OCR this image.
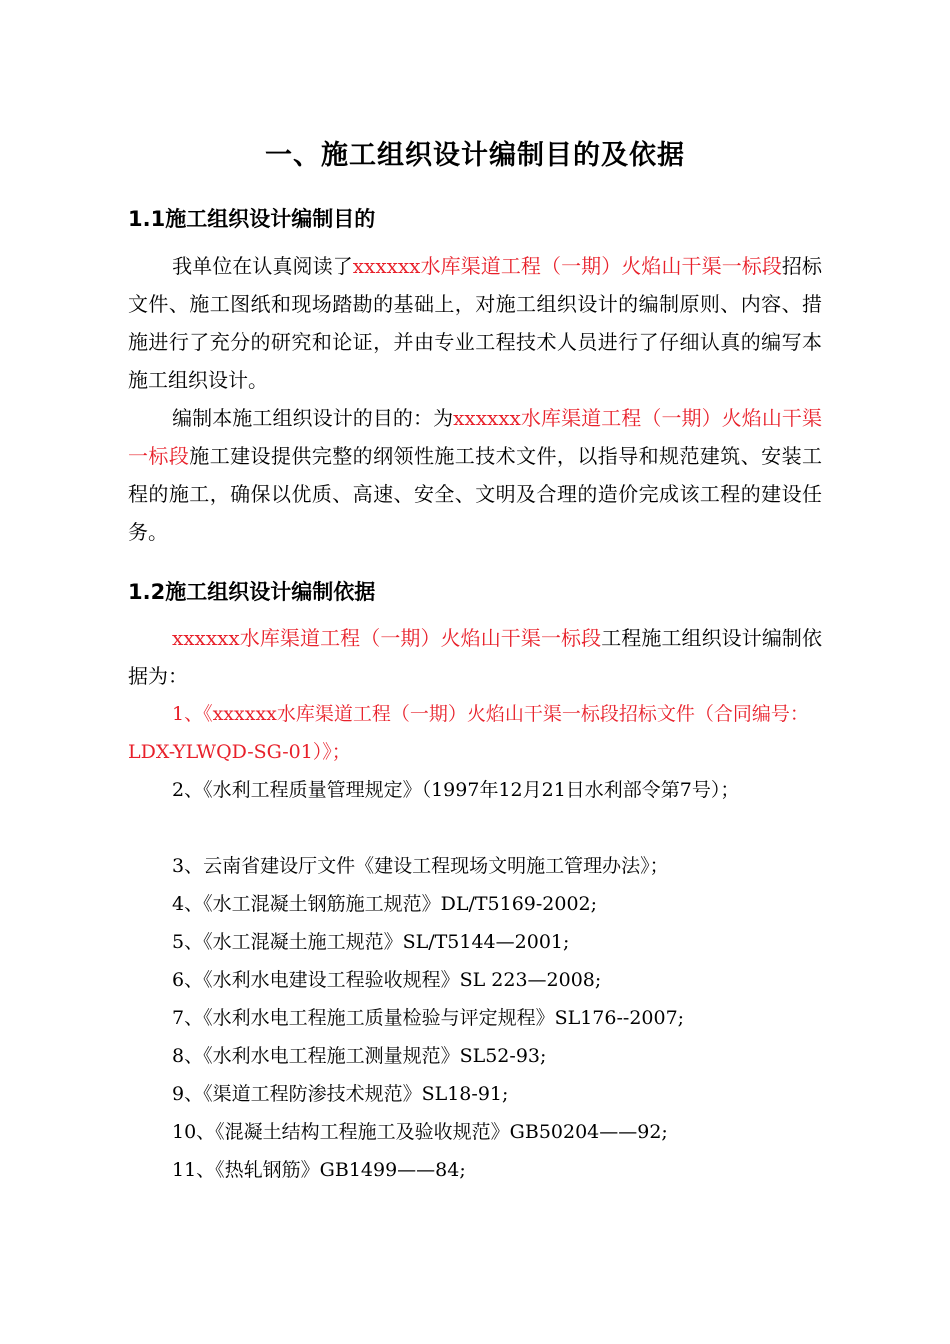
一、施工组织设计编制目的及依据
1.1施工组织设计编制目的
我单位在认真阅读了xxxxxx水库渠道工程（一期）火焰山干渠一标段招标文件、施工图纸和现场踏勘的基础上，对施工组织设计的编制原则、内容、措施进行了充分的研究和论证，并由专业工程技术人员进行了仔细认真的编写本施工组织设计。
编制本施工组织设计的目的：为xxxxxx水库渠道工程（一期）火焰山干渠一标段施工建设提供完整的纲领性施工技术文件，以指导和规范建筑、安装工程的施工，确保以优质、高速、安全、文明及合理的造价完成该工程的建设任务。
1.2施工组织设计编制依据
xxxxxx水库渠道工程（一期）火焰山干渠一标段工程施工组织设计编制依据为：
1、《xxxxxx水库渠道工程（一期）火焰山干渠一标段招标文件（合同编号：LDX-YLWQD-SG-01）》；
2、《水利工程质量管理规定》（1997年12月21日水利部令第7号）；
3、云南省建设厅文件《建设工程现场文明施工管理办法》；
4、《水工混凝土钢筋施工规范》DL/T5169-2002;
5、《水工混凝土施工规范》SL/T5144—2001;
6、《水利水电建设工程验收规程》SL 223—2008;
7、《水利水电工程施工质量检验与评定规程》SL176--2007;
8、《水利水电工程施工测量规范》SL52-93;
9、《渠道工程防渗技术规范》SL18-91;
10、《混凝土结构工程施工及验收规范》GB50204——92;
11、《热轧钢筋》GB1499——84;
